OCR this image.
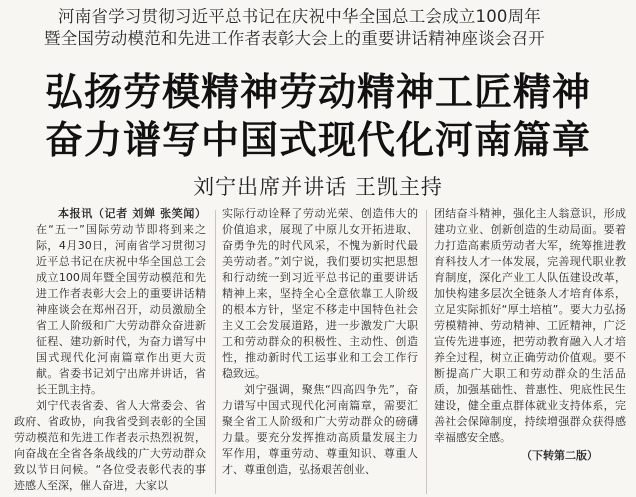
河南省学习贯彻习近平总书记在庆祝中华全国总工会成立100周年
暨全国劳动模范和先进工作者表彰大会上的重要讲话精神座谈会召开
弘扬劳模精神劳动精神工匠精神
奋力谱写中国式现代化河南篇章
刘宁出席并讲话 王凯主持

本报讯（记者 刘婵 张笑闻）在“五一”国际劳动节即将到来之际，4月30日，河南省学习贯彻习近平总书记在庆祝中华全国总工会成立100周年暨全国劳动模范和先进工作者表彰大会上的重要讲话精神座谈会在郑州召开，动员激励全省工人阶级和广大劳动群众奋进新征程、建功新时代，为奋力谱写中国式现代化河南篇章作出更大贡献。省委书记刘宁出席并讲话，省长王凯主持。

刘宁代表省委、省人大常委会、省政府、省政协，向我省受到表彰的全国劳动模范和先进工作者表示热烈祝贺，向奋战在全省各条战线的广大劳动群众致以节日问候。“各位受表彰代表的事迹感人至深，催人奋进，大家以

实际行动诠释了劳动光荣、创造伟大的价值追求，展现了中原儿女开拓进取、奋勇争先的时代风采，不愧为新时代最美劳动者。”刘宁说，我们要切实把思想和行动统一到习近平总书记的重要讲话精神上来，坚持全心全意依靠工人阶级的根本方针，坚定不移走中国特色社会主义工会发展道路，进一步激发广大职工和劳动群众的积极性、主动性、创造性，推动新时代工运事业和工会工作行稳致远。

刘宁强调，聚焦“四高四争先”，奋力谱写中国式现代化河南篇章，需要汇聚全省工人阶级和广大劳动群众的磅礴力量。要充分发挥推动高质量发展主力军作用，尊重劳动、尊重知识、尊重人才、尊重创造，弘扬艰苦创业、

团结奋斗精神，强化主人翁意识，形成建功立业、创新创造的生动局面。要着力打造高素质劳动者大军，统筹推进教育科技人才一体发展，完善现代职业教育制度，深化产业工人队伍建设改革，加快构建多层次全链条人才培育体系，立足实际抓好“厚土培植”。要大力弘扬劳模精神、劳动精神、工匠精神，广泛宣传先进事迹，把劳动教育融入人才培养全过程，树立正确劳动价值观。要不断提高广大职工和劳动群众的生活品质，加强基础性、普惠性、兜底性民生建设，健全重点群体就业支持体系，完善社会保障制度，持续增强群众获得感幸福感安全感。

（下转第二版）
